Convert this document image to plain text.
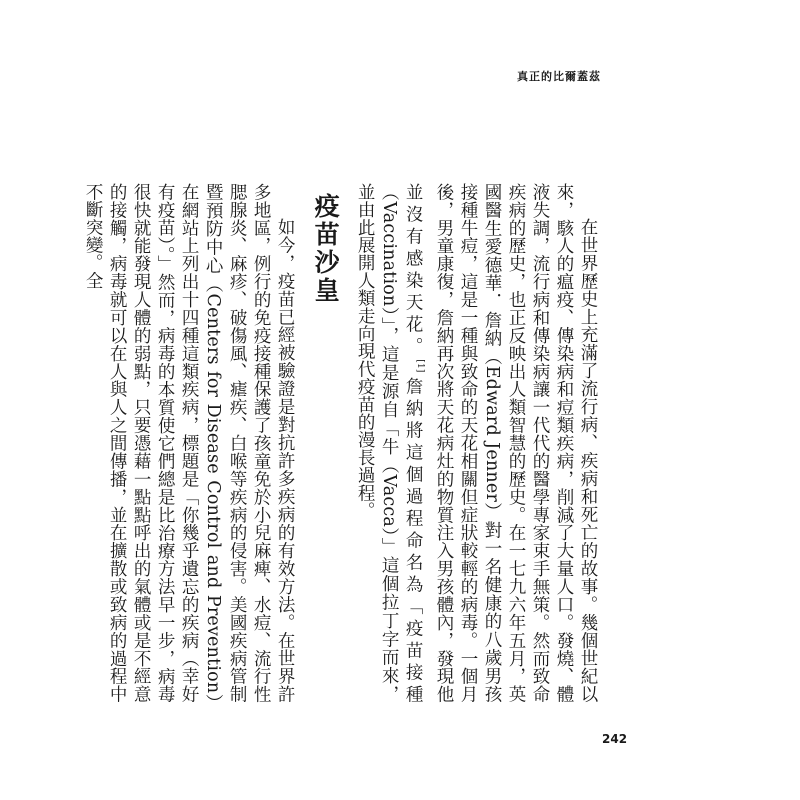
真正的比爾蓋茲

在世界歷史上充滿了流行病、疾病和死亡的故事。幾個世紀以來，駭人的瘟疫、傳染病和痘類疾病，削減了大量人口。發燒、體液失調，流行病和傳染病讓一代代的醫學專家束手無策。然而致命疾病的歷史，也正反映出人類智慧的歷史。在一七九六年五月，英國醫生愛德華．詹納（Edward Jenner）對一名健康的八歲男孩接種牛痘，這是一種與致命的天花相關但症狀較輕的病毒。一個月後，男童康復，詹納再次將天花病灶的物質注入男孩體內，發現他並沒有感染天花。[1]詹納將這個過程命名為「疫苗接種（Vaccination）」，這是源自「牛（Vacca）」這個拉丁字而來，並由此展開人類走向現代疫苗的漫長過程。

疫苗沙皇

如今，疫苗已經被驗證是對抗許多疾病的有效方法。在世界許多地區，例行的免疫接種保護了孩童免於小兒麻痺、水痘、流行性腮腺炎、麻疹、破傷風、瘧疾、白喉等疾病的侵害。美國疾病管制暨預防中心（Centers for Disease Control and Prevention）在網站上列出十四種這類疾病，標題是「你幾乎遺忘的疾病（幸好有疫苗）。」然而，病毒的本質使它們總是比治療方法早一步，病毒很快就能發現人體的弱點，只要憑藉一點點呼出的氣體或是不經意的接觸，病毒就可以在人與人之間傳播，並在擴散或致病的過程中不斷突變。全

242
